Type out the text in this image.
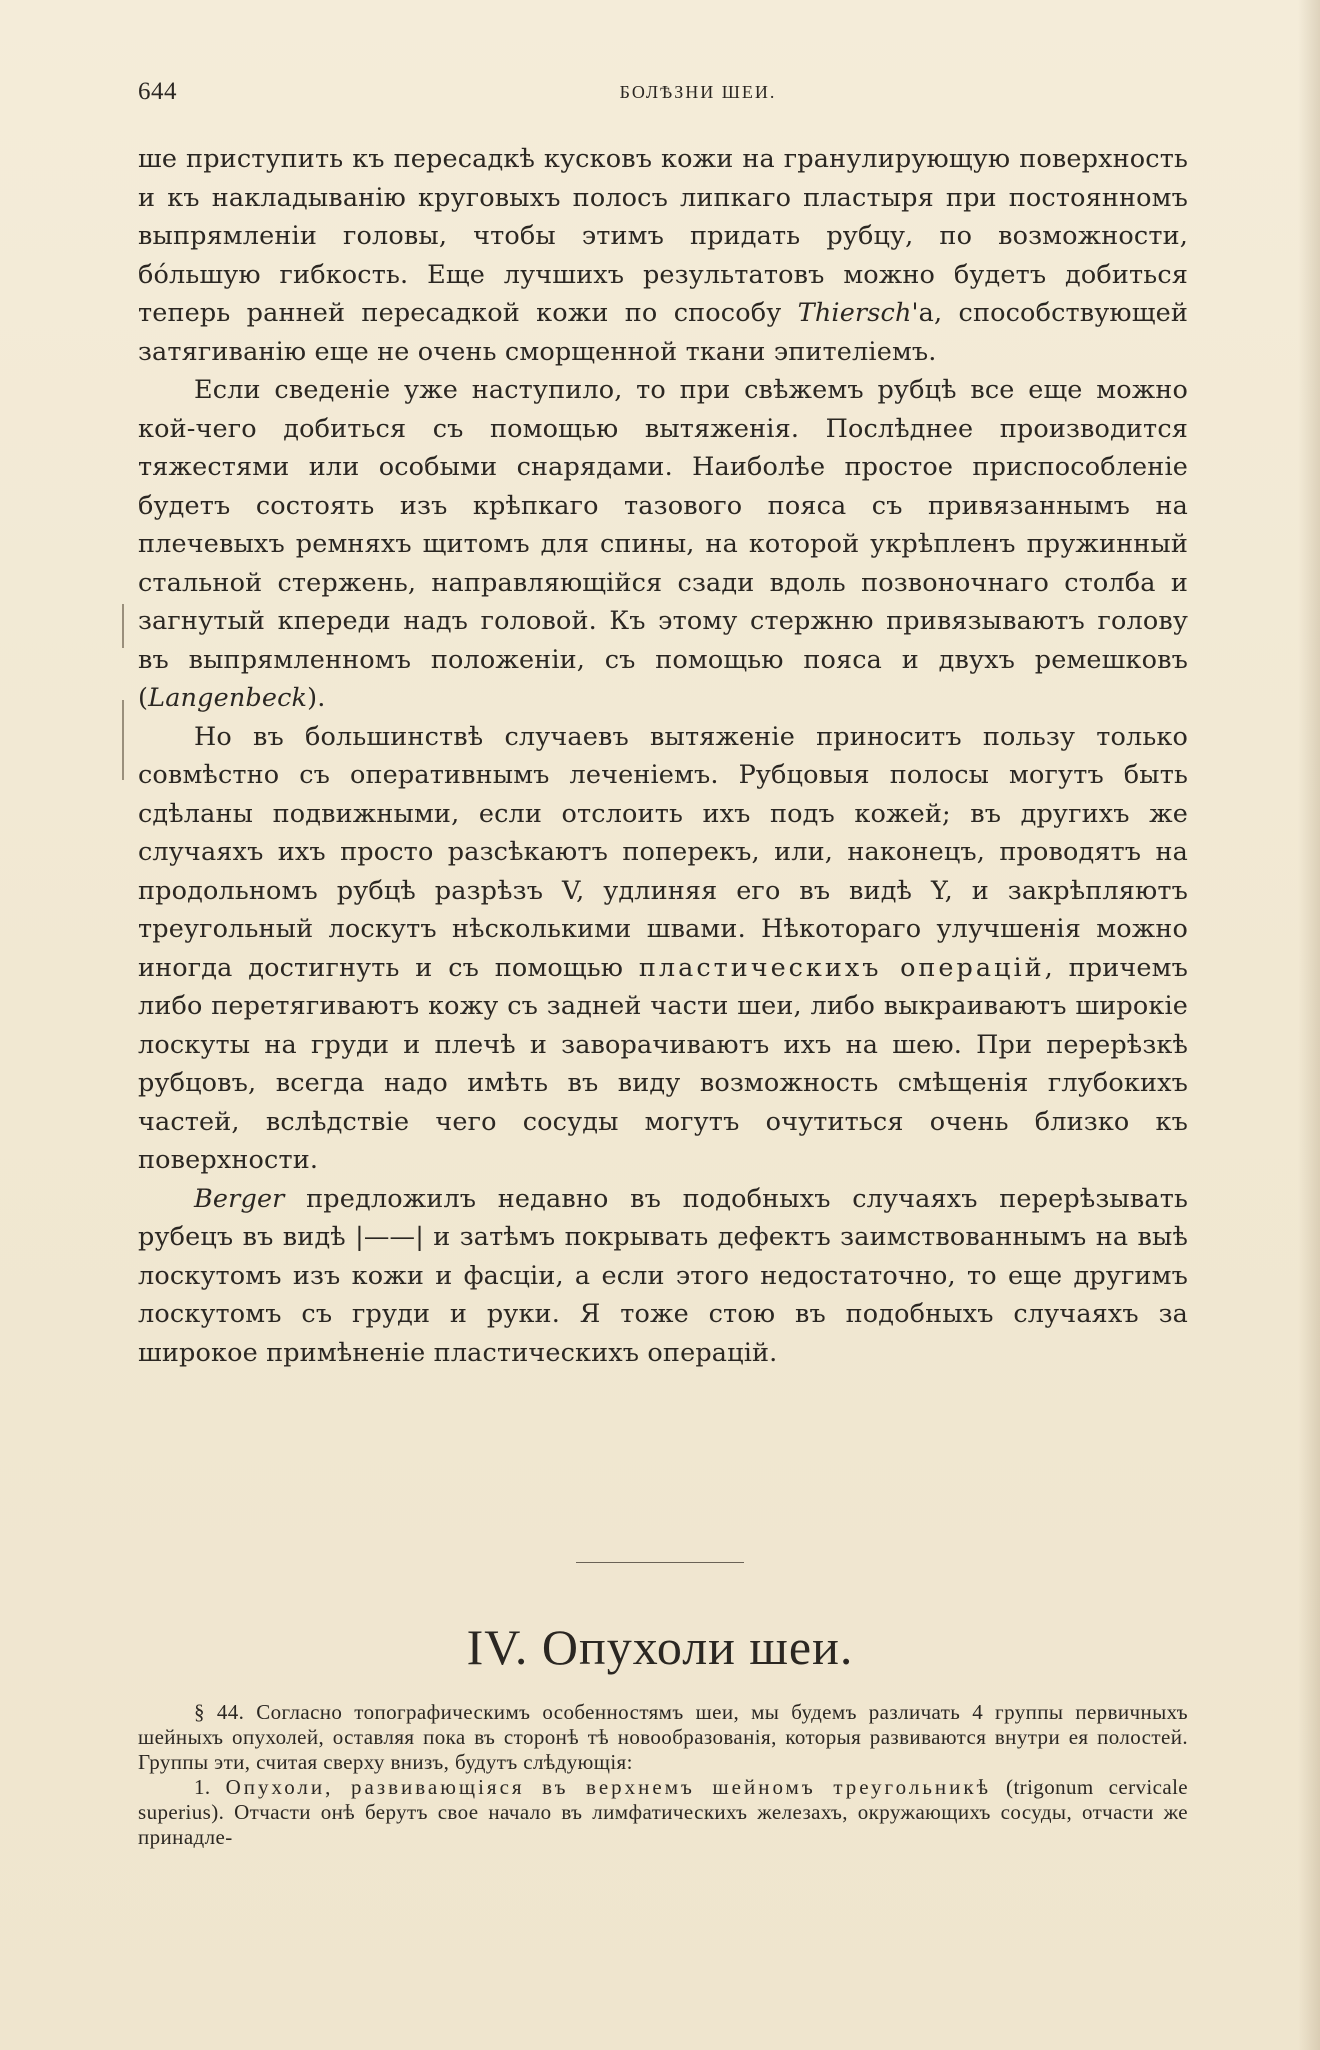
644	БОЛѢЗНИ ШЕИ.

ше приступить къ пересадкѣ кусковъ кожи на гранулирующую поверхность и къ накладыванію круговыхъ полосъ липкаго пластыря при постоянномъ выпрямленіи головы, чтобы этимъ придать рубцу, по возможности, бóльшую гибкость. Еще лучшихъ результатовъ можно будетъ добиться теперь ранней пересадкой кожи по способу Thiersch'а, способствующей затягиванію еще не очень сморщенной ткани эпителіемъ.

Если сведеніе уже наступило, то при свѣжемъ рубцѣ все еще можно кой-чего добиться съ помощью вытяженія. Послѣднее производится тяжестями или особыми снарядами. Наиболѣе простое приспособленіе будетъ состоять изъ крѣпкаго тазового пояса съ привязаннымъ на плечевыхъ ремняхъ щитомъ для спины, на которой укрѣпленъ пружинный стальной стержень, направляющійся сзади вдоль позвоночнаго столба и загнутый кпереди надъ головой. Къ этому стержню привязываютъ голову въ выпрямленномъ положеніи, съ помощью пояса и двухъ ремешковъ (Langenbeck).

Но въ большинствѣ случаевъ вытяженіе приноситъ пользу только совмѣстно съ оперативнымъ леченіемъ. Рубцовыя полосы могутъ быть сдѣланы подвижными, если отслоить ихъ подъ кожей; въ другихъ же случаяхъ ихъ просто разсѣкаютъ поперекъ, или, наконецъ, проводятъ на продольномъ рубцѣ разрѣзъ V, удлиняя его въ видѣ Y, и закрѣпляютъ треугольный лоскутъ нѣсколькими швами. Нѣкотораго улучшенія можно иногда достигнуть и съ помощью пластическихъ операцій, причемъ либо перетягиваютъ кожу съ задней части шеи, либо выкраиваютъ широкіе лоскуты на груди и плечѣ и заворачиваютъ ихъ на шею. При перерѣзкѣ рубцовъ, всегда надо имѣть въ виду возможность смѣщенія глубокихъ частей, вслѣдствіе чего сосуды могутъ очутиться очень близко къ поверхности.

Berger предложилъ недавно въ подобныхъ случаяхъ перерѣзывать рубецъ въ видѣ |——| и затѣмъ покрывать дефектъ заимствованнымъ на выѣ лоскутомъ изъ кожи и фасціи, а если этого недостаточно, то еще другимъ лоскутомъ съ груди и руки. Я тоже стою въ подобныхъ случаяхъ за широкое примѣненіе пластическихъ операцій.

IV. Опухоли шеи.

§ 44. Согласно топографическимъ особенностямъ шеи, мы будемъ различать 4 группы первичныхъ шейныхъ опухолей, оставляя пока въ сторонѣ тѣ новообразованія, которыя развиваются внутри ея полостей. Группы эти, считая сверху внизъ, будутъ слѣдующія:

1. Опухоли, развивающіяся въ верхнемъ шейномъ треугольникѣ (trigonum cervicale superius). Отчасти онѣ берутъ свое начало въ лимфатическихъ железахъ, окружающихъ сосуды, отчасти же принадле-
